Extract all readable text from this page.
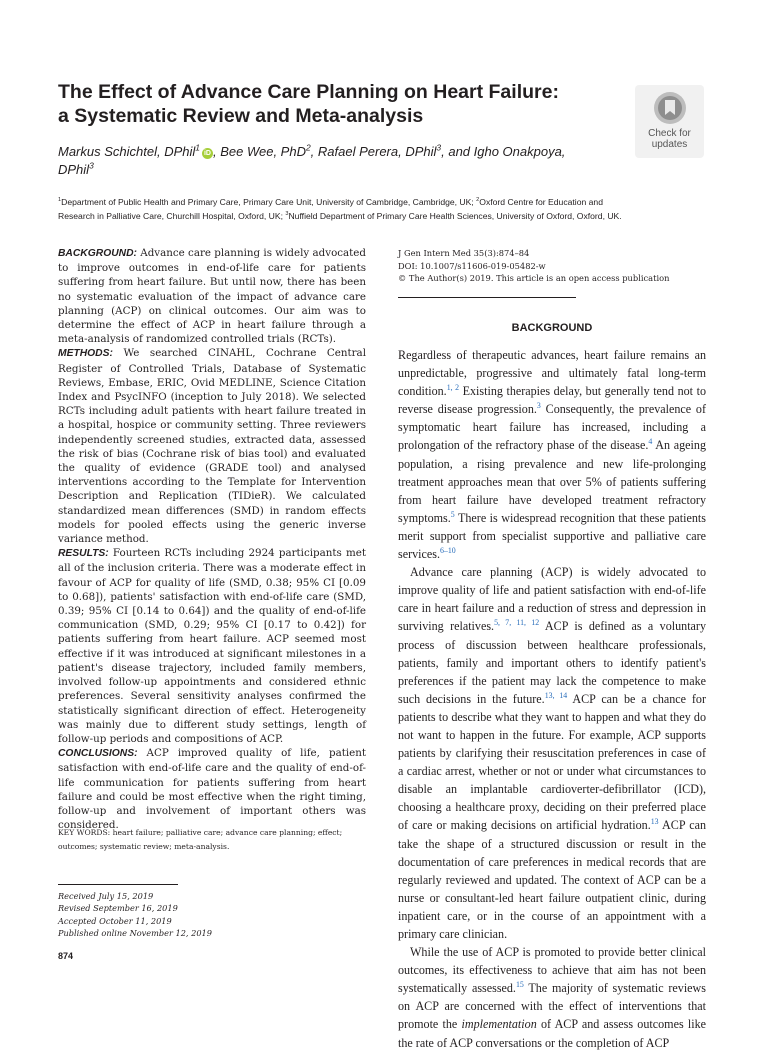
The Effect of Advance Care Planning on Heart Failure:
a Systematic Review and Meta-analysis
Check for
updates
Markus Schichtel, DPhil$^1$iD , Bee Wee, PhD$^2$, Rafael Perera, DPhil$^3$, and Igho Onakpoya,
DPhil$^3$
$^1$Department of Public Health and Primary Care, Primary Care Unit, University of Cambridge, Cambridge, UK; $^2$Oxford Centre for Education and
Research in Palliative Care, Churchill Hospital, Oxford, UK; $^3$Nuffield Department of Primary Care Health Sciences, University of Oxford, Oxford, UK.

BACKGROUND: Advance care planning is widely advocated to improve outcomes in end-of-life care for patients suffering from heart failure. But until now, there has been no systematic evaluation of the impact of advance care planning (ACP) on clinical outcomes. Our aim was to determine the effect of ACP in heart failure through a meta-analysis of randomized controlled trials (RCTs).

METHODS: We searched CINAHL, Cochrane Central Register of Controlled Trials, Database of Systematic Reviews, Embase, ERIC, Ovid MEDLINE, Science Citation Index and PsycINFO (inception to July 2018). We selected RCTs including adult patients with heart failure treated in a hospital, hospice or community setting. Three reviewers independently screened studies, extracted data, assessed the risk of bias (Cochrane risk of bias tool) and evaluated the quality of evidence (GRADE tool) and analysed interventions according to the Template for Intervention Description and Replication (TIDieR). We calculated standardized mean differences (SMD) in random effects models for pooled effects using the generic inverse variance method.

RESULTS: Fourteen RCTs including 2924 participants met all of the inclusion criteria. There was a moderate effect in favour of ACP for quality of life (SMD, 0.38; 95% CI [0.09 to 0.68]), patients' satisfaction with end-of-life care (SMD, 0.39; 95% CI [0.14 to 0.64]) and the quality of end-of-life communication (SMD, 0.29; 95% CI [0.17 to 0.42]) for patients suffering from heart failure. ACP seemed most effective if it was introduced at significant milestones in a patient's disease trajectory, included family members, involved follow-up appointments and considered ethnic preferences. Several sensitivity analyses confirmed the statistically significant direction of effect. Heterogeneity was mainly due to different study settings, length of follow-up periods and compositions of ACP.

CONCLUSIONS: ACP improved quality of life, patient satisfaction with end-of-life care and the quality of end-of-life communication for patients suffering from heart failure and could be most effective when the right timing, follow-up and involvement of important others was considered.

KEY WORDS: heart failure; palliative care; advance care planning; effect;
outcomes; systematic review; meta-analysis.
Received July 15, 2019
Revised September 16, 2019
Accepted October 11, 2019
Published online November 12, 2019
874
J Gen Intern Med 35(3):874–84
DOI: 10.1007/s11606-019-05482-w
© The Author(s) 2019. This article is an open access publication
BACKGROUND

Regardless of therapeutic advances, heart failure remains an unpredictable, progressive and ultimately fatal long-term condition.$^{1, 2}$ Existing therapies delay, but generally tend not to reverse disease progression.$^3$ Consequently, the prevalence of symptomatic heart failure has increased, including a prolongation of the refractory phase of the disease.$^4$ An ageing population, a rising prevalence and new life-prolonging treatment approaches mean that over 5% of patients suffering from heart failure have developed treatment refractory symptoms.$^5$ There is widespread recognition that these patients merit support from specialist supportive and palliative care services.$^{6-10}$

Advance care planning (ACP) is widely advocated to improve quality of life and patient satisfaction with end-of-life care in heart failure and a reduction of stress and depression in surviving relatives.$^{5, 7, 11, 12}$ ACP is defined as a voluntary process of discussion between healthcare professionals, patients, family and important others to identify patient's preferences if the patient may lack the competence to make such decisions in the future.$^{13, 14}$ ACP can be a chance for patients to describe what they want to happen and what they do not want to happen in the future. For example, ACP supports patients by clarifying their resuscitation preferences in case of a cardiac arrest, whether or not or under what circumstances to disable an implantable cardioverter-defibrillator (ICD), choosing a healthcare proxy, deciding on their preferred place of care or making decisions on artificial hydration.$^{13}$ ACP can take the shape of a structured discussion or result in the documentation of care preferences in medical records that are regularly reviewed and updated. The context of ACP can be a nurse or consultant-led heart failure outpatient clinic, during inpatient care, or in the course of an appointment with a primary care clinician.

While the use of ACP is promoted to provide better clinical outcomes, its effectiveness to achieve that aim has not been systematically assessed.$^{15}$ The majority of systematic reviews on ACP are concerned with the effect of interventions that promote the implementation of ACP and assess outcomes like the rate of ACP conversations or the completion of ACP
